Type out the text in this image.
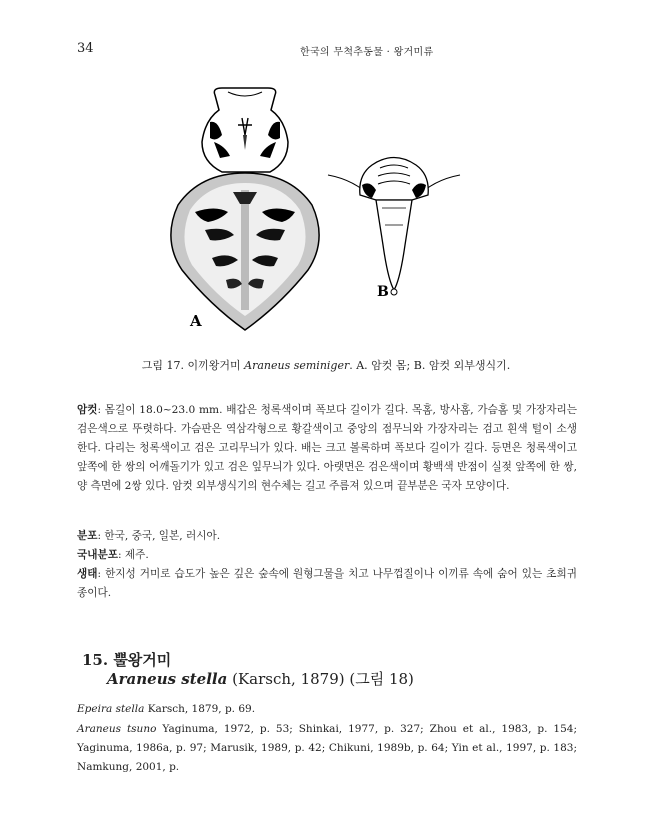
34	한국의 무척추동물 · 왕거미류
A
B
그림 17. 이끼왕거미 Araneus seminiger. A. 암컷 몸; B. 암컷 외부생식기.
암컷: 몸길이 18.0~23.0 mm. 배갑은 청록색이며 폭보다 길이가 길다. 목홈, 방사홈, 가슴홈 및 가장자리는 검은색으로 뚜렷하다. 가슴판은 역삼각형으로 황갈색이고 중앙의 점무늬와 가장자리는 검고 흰색 털이 소생한다. 다리는 청록색이고 검은 고리무늬가 있다. 배는 크고 볼록하며 폭보다 길이가 길다. 등면은 청록색이고 앞쪽에 한 쌍의 어깨돌기가 있고 검은 잎무늬가 있다. 아랫면은 검은색이며 황백색 반점이 실젖 앞쪽에 한 쌍, 양 측면에 2쌍 있다. 암컷 외부생식기의 현수체는 길고 주름져 있으며 끝부분은 국자 모양이다.
분포: 한국, 중국, 일본, 러시아.
국내분포: 제주.
생태: 한지성 거미로 습도가 높은 깊은 숲속에 원형그물을 치고 나무껍질이나 이끼류 속에 숨어 있는 초희귀종이다.
15. 뿔왕거미
Araneus stella (Karsch, 1879) (그림 18)
Epeira stella Karsch, 1879, p. 69.
Araneus tsuno Yaginuma, 1972, p. 53; Shinkai, 1977, p. 327; Zhou et al., 1983, p. 154; Yaginuma, 1986a, p. 97; Marusik, 1989, p. 42; Chikuni, 1989b, p. 64; Yin et al., 1997, p. 183; Namkung, 2001, p.
